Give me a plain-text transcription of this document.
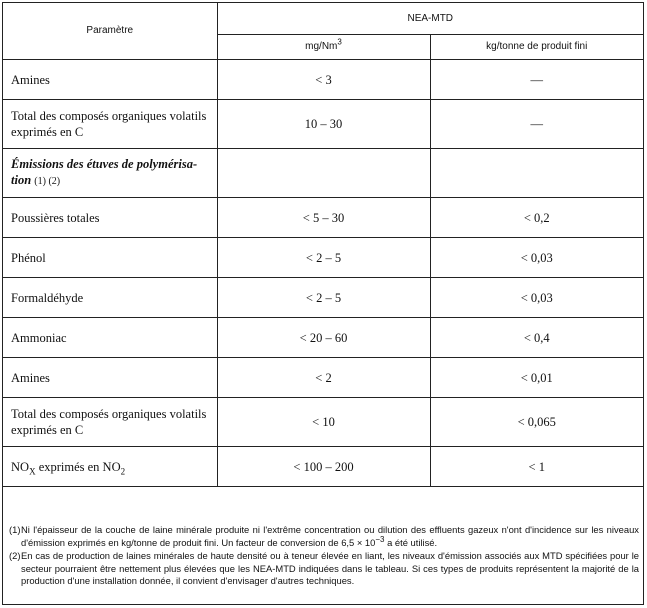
Paramètre	NEA-MTD	
	mg/Nm$^3$	kg/tonne de produit fini
Amines	< 3	—
Total des composés organiques volatils exprimés en C	10 – 30	—
Émissions des étuves de polymérisa-tion (1) (2)		
Poussières totales	< 5 – 30	< 0,2
Phénol	< 2 – 5	< 0,03
Formaldéhyde	< 2 – 5	< 0,03
Ammoniac	< 20 – 60	< 0,4
Amines	< 2	< 0,01
Total des composés organiques volatils exprimés en C	< 10	< 0,065
$NO_X$ exprimés en $NO_2$	< 100 – 200	< 1
(1) Ni l'épaisseur de la couche de laine minérale produite ni l'extrême concentration ou dilution des effluents gazeux n'ont d'incidence sur les niveaux d'émission exprimés en kg/tonne de produit fini. Un facteur de conversion de $6,5 \times 10^{-3}$ a été utilisé.
(2) En cas de production de laines minérales de haute densité ou à teneur élevée en liant, les niveaux d'émission associés aux MTD spécifiées pour le secteur pourraient être nettement plus élevées que les NEA-MTD indiquées dans le tableau. Si ces types de produits représentent la majorité de la production d'une installation donnée, il convient d'envisager d'autres techniques.
